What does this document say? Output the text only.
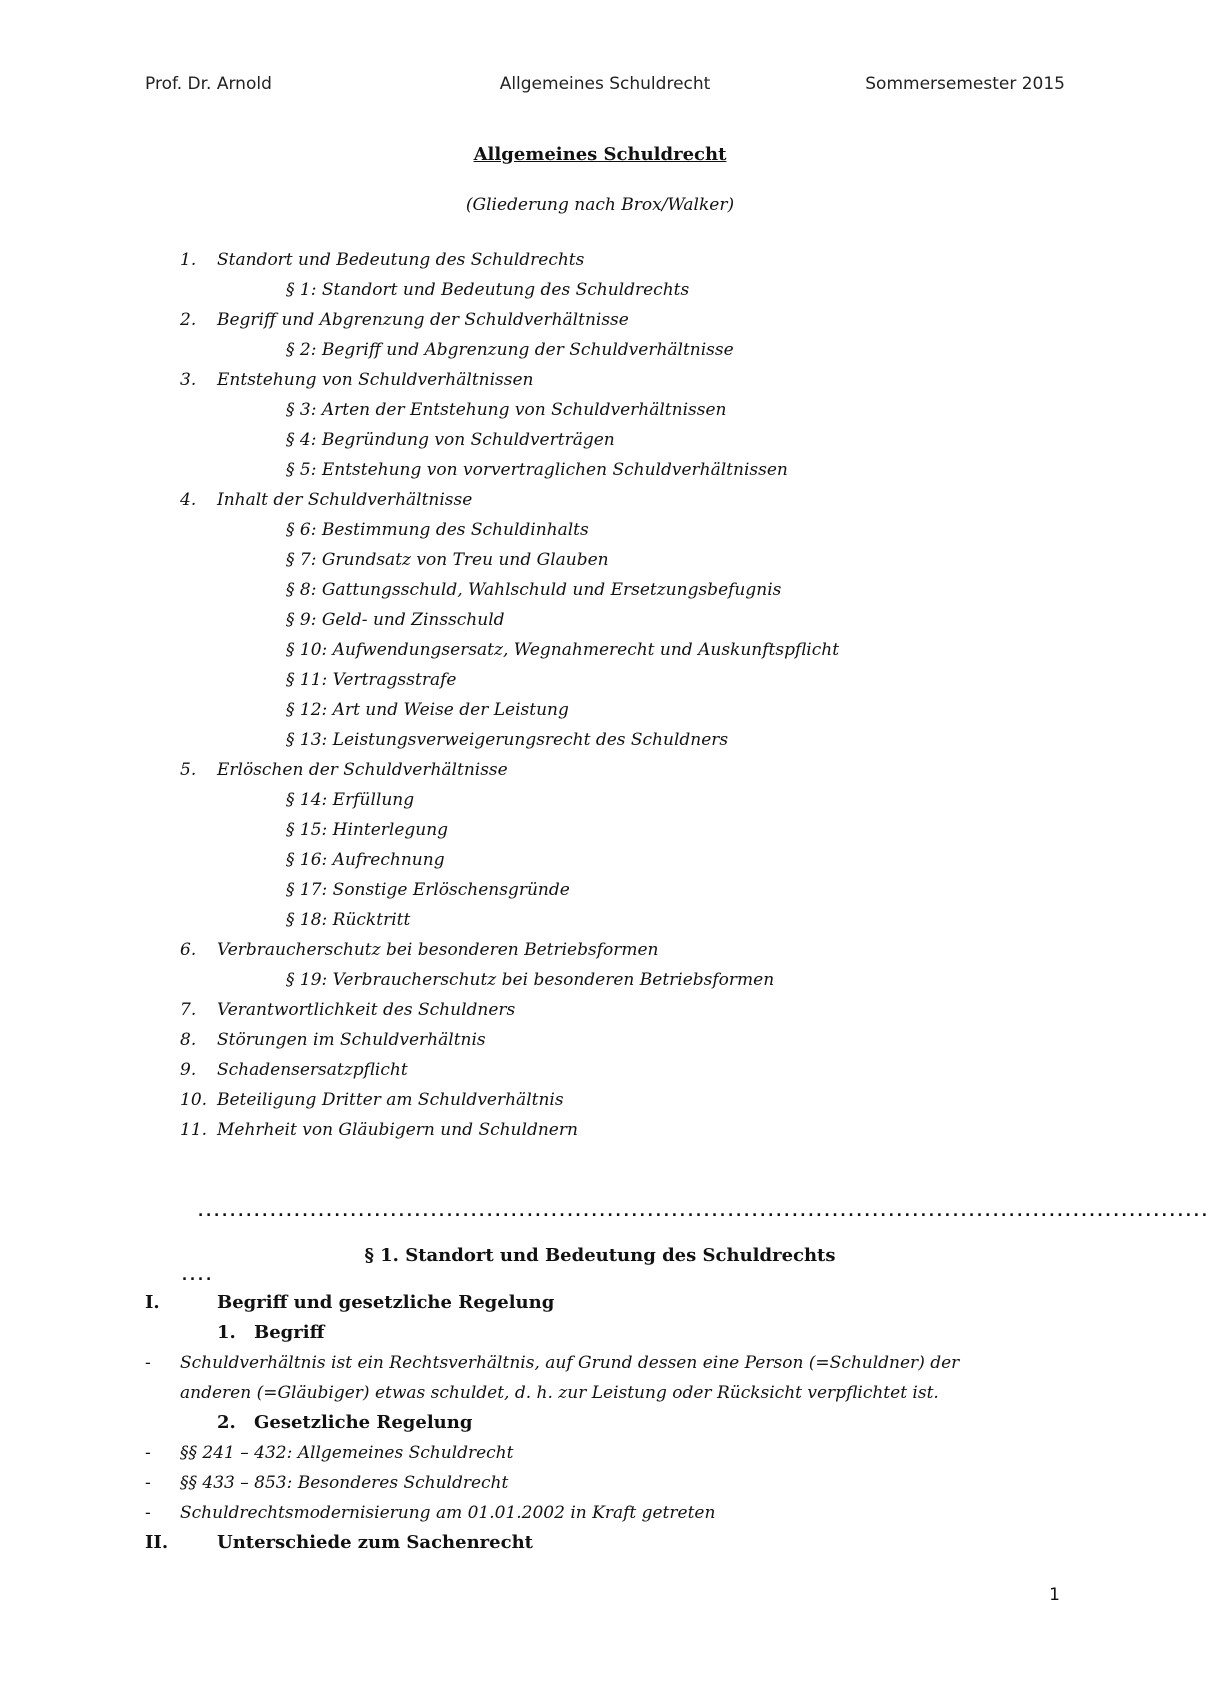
Prof. Dr. Arnold	Allgemeines Schuldrecht	Sommersemester 2015
Allgemeines Schuldrecht
(Gliederung nach Brox/Walker)
1. Standort und Bedeutung des Schuldrechts
§ 1: Standort und Bedeutung des Schuldrechts
2. Begriff und Abgrenzung der Schuldverhältnisse
§ 2: Begriff und Abgrenzung der Schuldverhältnisse
3. Entstehung von Schuldverhältnissen
§ 3: Arten der Entstehung von Schuldverhältnissen
§ 4: Begründung von Schuldverträgen
§ 5: Entstehung von vorvertraglichen Schuldverhältnissen
4. Inhalt der Schuldverhältnisse
§ 6: Bestimmung des Schuldinhalts
§ 7: Grundsatz von Treu und Glauben
§ 8: Gattungsschuld, Wahlschuld und Ersetzungsbefugnis
§ 9: Geld- und Zinsschuld
§ 10: Aufwendungsersatz, Wegnahmerecht und Auskunftspflicht
§ 11: Vertragsstrafe
§ 12: Art und Weise der Leistung
§ 13: Leistungsverweigerungsrecht des Schuldners
5. Erlöschen der Schuldverhältnisse
§ 14: Erfüllung
§ 15: Hinterlegung
§ 16: Aufrechnung
§ 17: Sonstige Erlöschensgründe
§ 18: Rücktritt
6. Verbraucherschutz bei besonderen Betriebsformen
§ 19: Verbraucherschutz bei besonderen Betriebsformen
7. Verantwortlichkeit des Schuldners
8. Störungen im Schuldverhältnis
9. Schadensersatzpflicht
10. Beteiligung Dritter am Schuldverhältnis
11. Mehrheit von Gläubigern und Schuldnern

..............................................................................................................................

....

§ 1. Standort und Bedeutung des Schuldrechts
I.	Begriff und gesetzliche Regelung
1. Begriff
- Schuldverhältnis ist ein Rechtsverhältnis, auf Grund dessen eine Person (=Schuldner) der
anderen (=Gläubiger) etwas schuldet, d. h. zur Leistung oder Rücksicht verpflichtet ist.
2. Gesetzliche Regelung
- §§ 241 – 432: Allgemeines Schuldrecht
- §§ 433 – 853: Besonderes Schuldrecht
- Schuldrechtsmodernisierung am 01.01.2002 in Kraft getreten
II.	Unterschiede zum Sachenrecht
1
